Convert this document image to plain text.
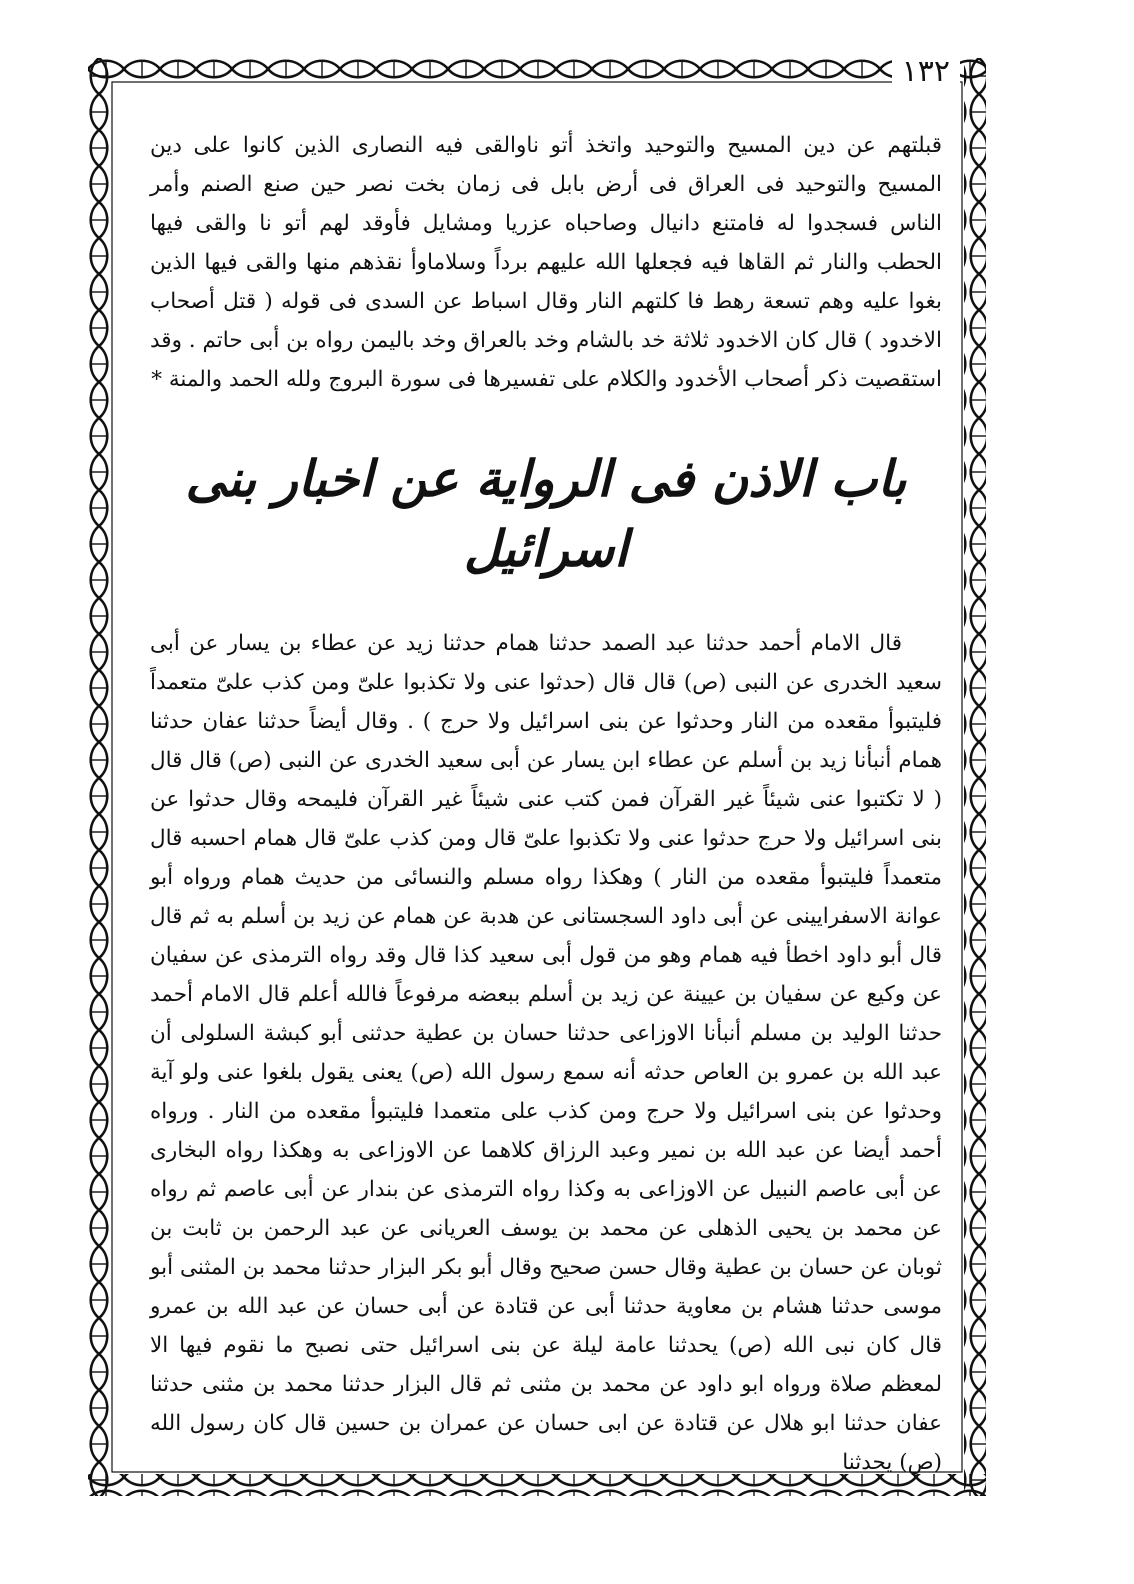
١٣٢

قبلتهم عن دين المسيح والتوحيد واتخذ أتو ناوالقى فيه النصارى الذين كانوا على دين المسيح والتوحيد فى العراق فى أرض بابل فى زمان بخت نصر حين صنع الصنم وأمر الناس فسجدوا له فامتنع دانيال وصاحباه عزريا ومشايل فأوقد لهم أتو نا والقى فيها الحطب والنار ثم القاها فيه فجعلها الله عليهم برداً وسلاماوأ نقذهم منها والقى فيها الذين بغوا عليه وهم تسعة رهط فا كلتهم النار وقال اسباط عن السدى فى قوله ( قتل أصحاب الاخدود ) قال كان الاخدود ثلاثة خد بالشام وخد بالعراق وخد باليمن رواه بن أبى حاتم . وقد استقصيت ذكر أصحاب الأخدود والكلام على تفسيرها فى سورة البروج ولله الحمد والمنة *

باب الاذن فى الرواية عن اخبار بنى اسرائيل

قال الامام أحمد حدثنا عبد الصمد حدثنا همام حدثنا زيد عن عطاء بن يسار عن أبى سعيد الخدرى عن النبى (ص) قال قال (حدثوا عنى ولا تكذبوا علىّ ومن كذب علىّ متعمداً فليتبوأ مقعده من النار وحدثوا عن بنى اسرائيل ولا حرج ) . وقال أيضاً حدثنا عفان حدثنا همام أنبأنا زيد بن أسلم عن عطاء ابن يسار عن أبى سعيد الخدرى عن النبى (ص) قال قال ( لا تكتبوا عنى شيئاً غير القرآن فمن كتب عنى شيئاً غير القرآن فليمحه وقال حدثوا عن بنى اسرائيل ولا حرج حدثوا عنى ولا تكذبوا علىّ قال ومن كذب علىّ قال همام احسبه قال متعمداً فليتبوأ مقعده من النار ) وهكذا رواه مسلم والنسائى من حديث همام ورواه أبو عوانة الاسفرايينى عن أبى داود السجستانى عن هدبة عن همام عن زيد بن أسلم به ثم قال قال أبو داود اخطأ فيه همام وهو من قول أبى سعيد كذا قال وقد رواه الترمذى عن سفيان عن وكيع عن سفيان بن عيينة عن زيد بن أسلم ببعضه مرفوعاً فالله أعلم قال الامام أحمد حدثنا الوليد بن مسلم أنبأنا الاوزاعى حدثنا حسان بن عطية حدثنى أبو كبشة السلولى أن عبد الله بن عمرو بن العاص حدثه أنه سمع رسول الله (ص) يعنى يقول بلغوا عنى ولو آية وحدثوا عن بنى اسرائيل ولا حرج ومن كذب على متعمدا فليتبوأ مقعده من النار . ورواه أحمد أيضا عن عبد الله بن نمير وعبد الرزاق كلاهما عن الاوزاعى به وهكذا رواه البخارى عن أبى عاصم النبيل عن الاوزاعى به وكذا رواه الترمذى عن بندار عن أبى عاصم ثم رواه عن محمد بن يحيى الذهلى عن محمد بن يوسف العريانى عن عبد الرحمن بن ثابت بن ثوبان عن حسان بن عطية وقال حسن صحيح وقال أبو بكر البزار حدثنا محمد بن المثنى أبو موسى حدثنا هشام بن معاوية حدثنا أبى عن قتادة عن أبى حسان عن عبد الله بن عمرو قال كان نبى الله (ص) يحدثنا عامة ليلة عن بنى اسرائيل حتى نصبح ما نقوم فيها الا لمعظم صلاة ورواه ابو داود عن محمد بن مثنى ثم قال البزار حدثنا محمد بن مثنى حدثنا عفان حدثنا ابو هلال عن قتادة عن ابى حسان عن عمران بن حسين قال كان رسول الله (ص) يحدثنا
